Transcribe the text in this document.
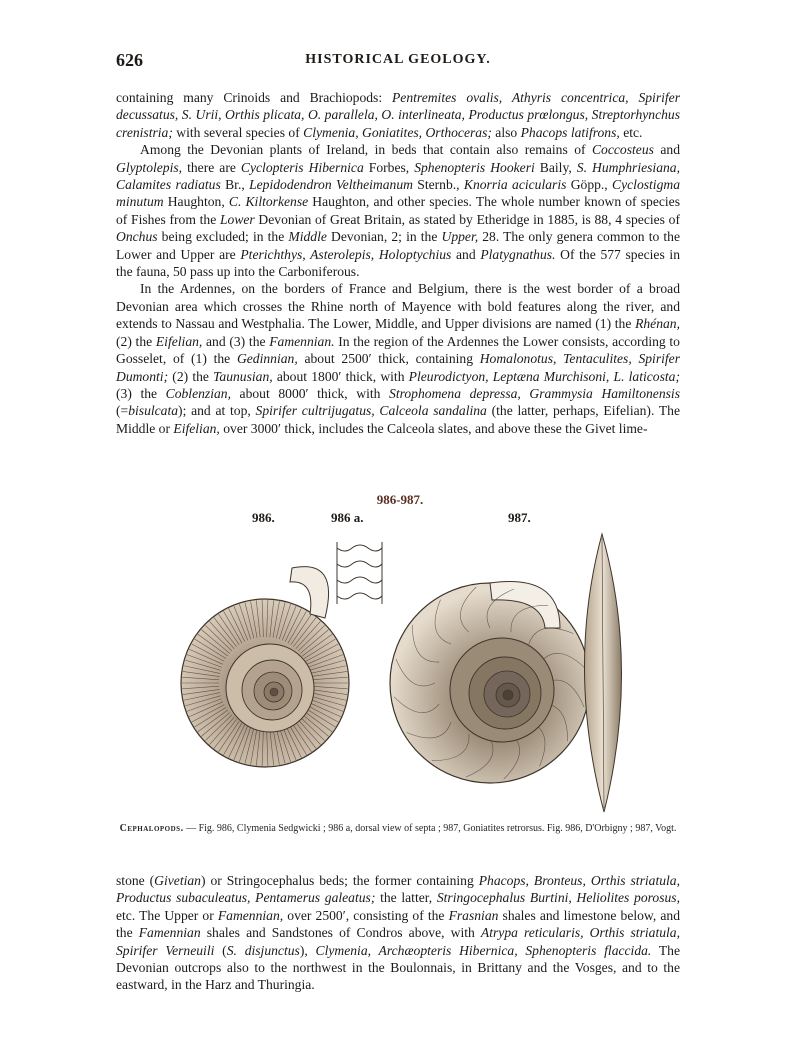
626	HISTORICAL GEOLOGY.

containing many Crinoids and Brachiopods: Pentremites ovalis, Athyris concentrica, Spirifer decussatus, S. Urii, Orthis plicata, O. parallela, O. interlineata, Productus prœlongus, Streptorhynchus crenistria; with several species of Clymenia, Goniatites, Orthoceras; also Phacops latifrons, etc.

Among the Devonian plants of Ireland, in beds that contain also remains of Coccosteus and Glyptolepis, there are Cyclopteris Hibernica Forbes, Sphenopteris Hookeri Baily, S. Humphriesiana, Calamites radiatus Br., Lepidodendron Veltheimanum Sternb., Knorria acicularis Göpp., Cyclostigma minutum Haughton, C. Kiltorkense Haughton, and other species. The whole number known of species of Fishes from the Lower Devonian of Great Britain, as stated by Etheridge in 1885, is 88, 4 species of Onchus being excluded; in the Middle Devonian, 2; in the Upper, 28. The only genera common to the Lower and Upper are Pterichthys, Asterolepis, Holoptychius and Platygnathus. Of the 577 species in the fauna, 50 pass up into the Carboniferous.

In the Ardennes, on the borders of France and Belgium, there is the west border of a broad Devonian area which crosses the Rhine north of Mayence with bold features along the river, and extends to Nassau and Westphalia. The Lower, Middle, and Upper divisions are named (1) the Rhénan, (2) the Eifelian, and (3) the Famennian. In the region of the Ardennes the Lower consists, according to Gosselet, of (1) the Gedinnian, about 2500′ thick, containing Homalonotus, Tentaculites, Spirifer Dumonti; (2) the Taunusian, about 1800′ thick, with Pleurodictyon, Leptæna Murchisoni, L. laticosta; (3) the Coblenzian, about 8000′ thick, with Strophomena depressa, Grammysia Hamiltonensis (=bisulcata); and at top, Spirifer cultrijugatus, Calceola sandalina (the latter, perhaps, Eifelian). The Middle or Eifelian, over 3000′ thick, includes the Calceola slates, and above these the Givet lime-

986-987.
986.	986 a.	987.
Cephalopods. — Fig. 986, Clymenia Sedgwicki ; 986 a, dorsal view of septa ; 987, Goniatites retrorsus. Fig. 986, D'Orbigny ; 987, Vogt.

stone (Givetian) or Stringocephalus beds; the former containing Phacops, Bronteus, Orthis striatula, Productus subaculeatus, Pentamerus galeatus; the latter, Stringocephalus Burtini, Heliolites porosus, etc. The Upper or Famennian, over 2500′, consisting of the Frasnian shales and limestone below, and the Famennian shales and Sandstones of Condros above, with Atrypa reticularis, Orthis striatula, Spirifer Verneuili (S. disjunctus), Clymenia, Archæopteris Hibernica, Sphenopteris flaccida. The Devonian outcrops also to the northwest in the Boulonnais, in Brittany and the Vosges, and to the eastward, in the Harz and Thuringia.
